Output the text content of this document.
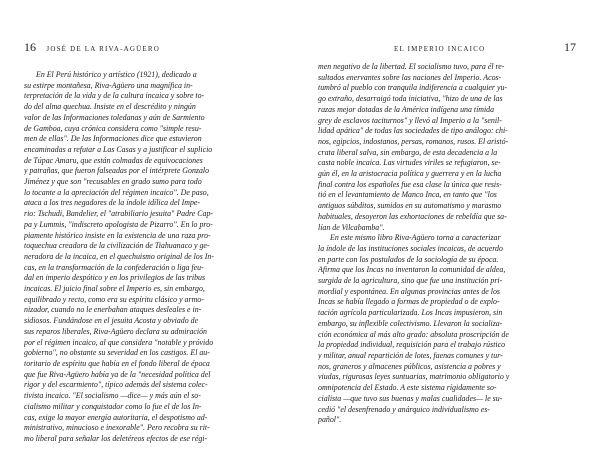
16 JOSÉ DE LA RIVA-AGÜERO
En El Perú histórico y artístico (1921), dedicado a
su estirpe montañesa, Riva-Agüero una magnífica in-
terpretación de la vida y de la cultura incaica y sobre to-
do del alma quechua. Insiste en el descrédito y ningún
valor de las Informaciones toledanas y aún de Sarmiento
de Gamboa, cuya crónica considera como "simple resu-
men de ellas". De las Informaciones dice que estuvieron
encaminadas a refutar a Las Casas y a justificar el suplicio
de Túpac Amaru, que están colmadas de equivocaciones
y patrañas, que fueron falseadas por el intérprete Gonzalo
Jiménez y que son "recusables en grado sumo para todo
lo tocante a la apreciación del régimen incaico". De paso,
ataca a los tres negadores de la índole idílica del Impe-
rio: Tschudi, Bandelier, el "atrabiliario jesuita" Padre Cap-
pa y Lummis, "indiscreto apologista de Pizarro". En lo pro-
piamente histórico insiste en la existencia de una raza pro-
toquechua creadora de la civilización de Tiahuanaco y ge-
neradora de la incaica, en el quechuismo original de los In-
cas, en la transformación de la confederación o liga feu-
dal en imperio despótico y en los privilegios de las tribus
incaicas. El juicio final sobre el Imperio es, sin embargo,
equilibrado y recto, como era su espíritu clásico y armo-
nizador, cuando no le enerbahan ataques desleales e in-
sidiosos. Fundándose en el jesuita Acosta y obviado de
sus reparos liberales, Riva-Agüero declara su admiración
por el régimen incaico, al que considera "notable y próvido
gobierno", no obstante su severidad en los castigos. El au-
toritario de espíritu que había en el fondo liberal de época
que fue Riva-Agüero había ya de la "necesidad política del
rigor y del escarmiento", típico además del sistema colec-
tivista incaico. "El socialismo —dice— y más aún el so-
cialismo militar y conquistador como lo fue el de los In-
cas, exige la mayor energía autoritaria, el despotismo ad-
ministrativo, minucioso e inexorable". Pero recobra su rit-
mo liberal para señalar los deletéreos efectos de ese régi-
EL IMPERIO INCAICO	17
men negativo de la libertad. El socialismo tuvo, para él re-
sultados enervantes sobre las naciones del Imperio. Acos-
tumbró al pueblo con tranquila indiferencia a cualquier yu-
go extraño, desarraigó toda iniciativa, "hizo de una de las
razas mejor dotadas de la América indígena una tímida
grey de esclavos taciturnos" y llevó al Imperio a la "senil-
lidad apática" de todas las sociedades de tipo análogo: chi-
nos, egipcios, indostanos, persas, romanos, rusos. El aristó-
crata liberal salva, sin embargo, de esta decadencia a la
casta noble incaica. Las virtudes viriles se refugiaron, se-
gún él, en la aristocracia política y guerrera y en la lucha
final contra los españoles fue esa clase la única que resis-
tió en el levantamiento de Manco Inca, en tanto que "los
antiguos súbditos, sumidos en su automatismo y marasmo
habituales, desoyeron las exhortaciones de rebeldía que sa-
lían de Vilcabamba".
En este mismo libro Riva-Agüero torna a caracterizar
la índole de las instituciones sociales incaicas, de acuerdo
en parte con los postulados de la sociología de su época.
Afirma que los Incas no inventaron la comunidad de aldea,
surgida de la agricultura, sino que fue una institución pri-
mordial y espontánea. En algunas provincias antes de los
Incas se había llegado a formas de propiedad o de explo-
tación agrícola particularizada. Los Incas impusieron, sin
embargo, su inflexible colectivismo. Llevaron la socializa-
ción económica al más alto grado: absoluta proscripción de
la propiedad individual, requisición para el trabajo rústico
y militar, anual repartición de lotes, faenas comunes y tur-
nos, graneros y almacenes públicos, asistencia a pobres y
viudas, rigurosas leyes suntuarias, matrimonio obligatorio y
omnipotencia del Estado. A este sistema rígidamente so-
cialista —que tuvo sus buenas y malas cualidades— le su-
cedió "el desenfrenado y anárquico individualismo es-
pañol".
